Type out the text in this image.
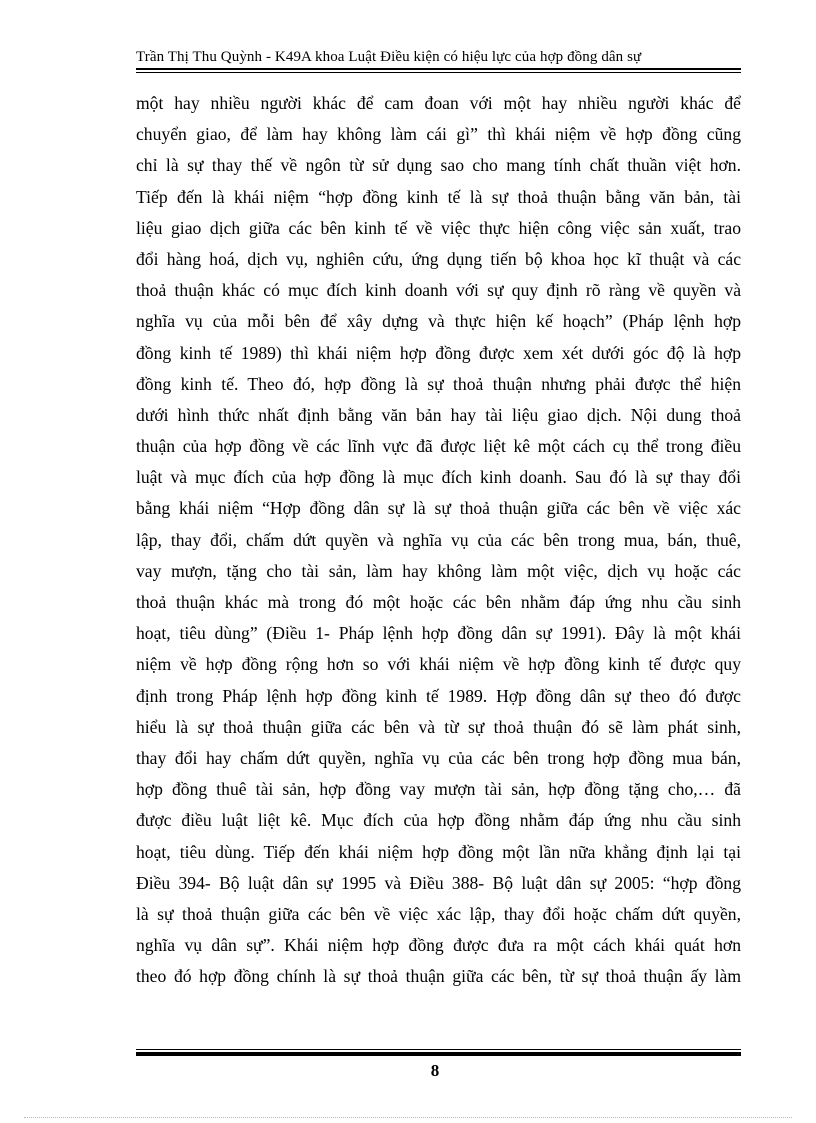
Trần Thị Thu Quỳnh - K49A khoa Luật Điều kiện có hiệu lực của hợp đồng dân sự
một hay nhiều người khác để cam đoan với một hay nhiều người khác để
chuyển giao, để làm hay không làm cái gì” thì khái niệm về hợp đồng cũng
chỉ là sự thay thế về ngôn từ sử dụng sao cho mang tính chất thuần việt hơn.
Tiếp đến là khái niệm “hợp đồng kinh tế là sự thoả thuận bằng văn bản, tài
liệu giao dịch giữa các bên kinh tế về việc thực hiện công việc sản xuất, trao
đổi hàng hoá, dịch vụ, nghiên cứu, ứng dụng tiến bộ khoa học kĩ thuật và các
thoả thuận khác có mục đích kinh doanh với sự quy định rõ ràng về quyền và
nghĩa vụ của mỗi bên để xây dựng và thực hiện kế hoạch” (Pháp lệnh hợp
đồng kinh tế 1989) thì khái niệm hợp đồng được xem xét dưới góc độ là hợp
đồng kinh tế. Theo đó, hợp đồng là sự thoả thuận nhưng phải được thể hiện
dưới hình thức nhất định bằng văn bản hay tài liệu giao dịch. Nội dung thoả
thuận của hợp đồng về các lĩnh vực đã được liệt kê một cách cụ thể trong điều
luật và mục đích của hợp đồng là mục đích kinh doanh. Sau đó là sự thay đổi
bằng khái niệm “Hợp đồng dân sự là sự thoả thuận giữa các bên về việc xác
lập, thay đổi, chấm dứt quyền và nghĩa vụ của các bên trong mua, bán, thuê,
vay mượn, tặng cho tài sản, làm hay không làm một việc, dịch vụ hoặc các
thoả thuận khác mà trong đó một hoặc các bên nhằm đáp ứng nhu cầu sinh
hoạt, tiêu dùng” (Điều 1- Pháp lệnh hợp đồng dân sự 1991). Đây là một khái
niệm về hợp đồng rộng hơn so với khái niệm về hợp đồng kinh tế được quy
định trong Pháp lệnh hợp đồng kinh tế 1989. Hợp đồng dân sự theo đó được
hiểu là sự thoả thuận giữa các bên và từ sự thoả thuận đó sẽ làm phát sinh,
thay đổi hay chấm dứt quyền, nghĩa vụ của các bên trong hợp đồng mua bán,
hợp đồng thuê tài sản, hợp đồng vay mượn tài sản, hợp đồng tặng cho,… đã
được điều luật liệt kê. Mục đích của hợp đồng nhằm đáp ứng nhu cầu sinh
hoạt, tiêu dùng. Tiếp đến khái niệm hợp đồng một lần nữa khẳng định lại tại
Điều 394- Bộ luật dân sự 1995 và Điều 388- Bộ luật dân sự 2005: “hợp đồng
là sự thoả thuận giữa các bên về việc xác lập, thay đổi hoặc chấm dứt quyền,
nghĩa vụ dân sự”. Khái niệm hợp đồng được đưa ra một cách khái quát hơn
theo đó hợp đồng chính là sự thoả thuận giữa các bên, từ sự thoả thuận ấy làm
8
